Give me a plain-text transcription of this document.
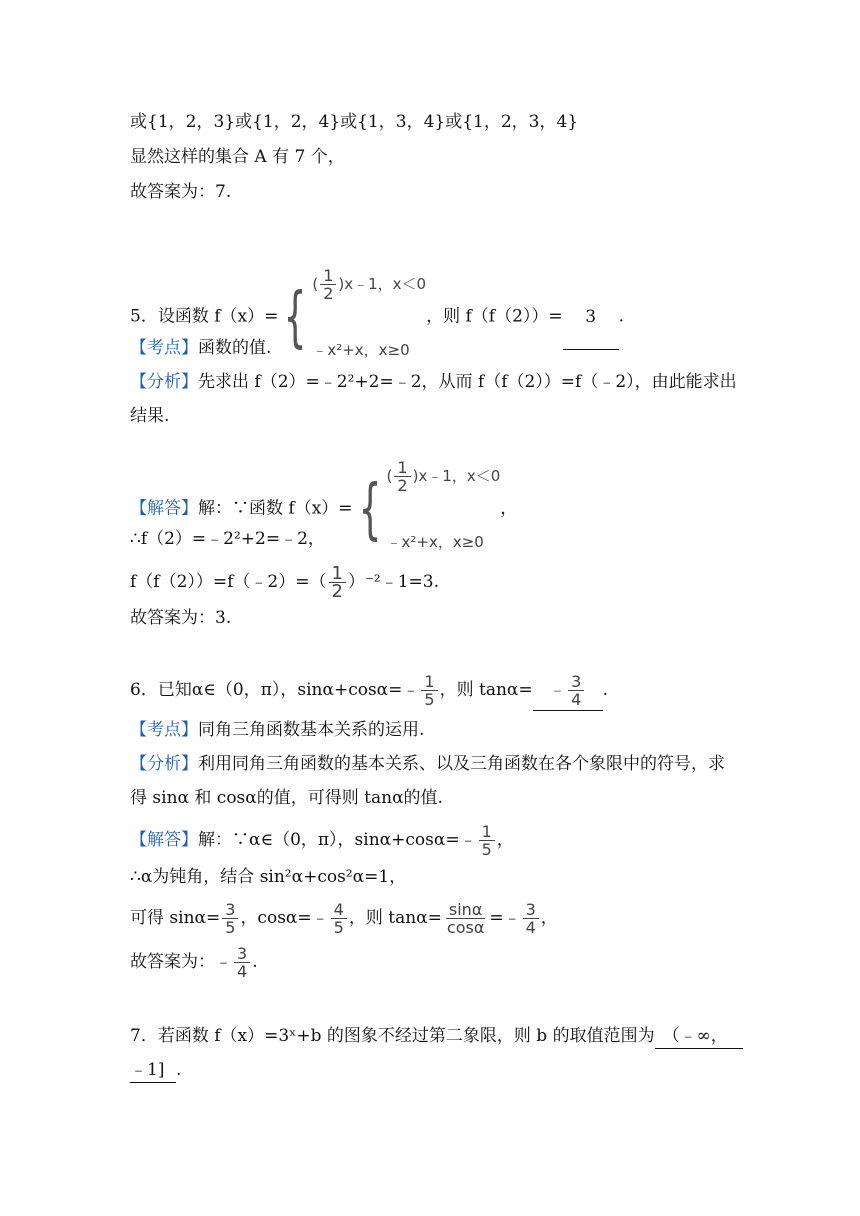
或{1，2，3}或{1，2，4}或{1，3，4}或{1，2，3，4}
显然这样的集合 A 有 7 个，
故答案为：7.
5．设函数 f（x）= { ( $\frac{1}{2}$ ) x﹣1，x＜0
﹣x²+x，x≥0
，则 f（f（2））= 3 .
【考点】函数的值.
【分析】先求出 f（2）=﹣2²+2=﹣2，从而 f（f（2））=f（﹣2），由此能求出
结果.
【解答】解：∵函数 f（x）= { ( $\frac{1}{2}$ ) x﹣1，x＜0
﹣x²+x，x≥0
，
∴f（2）=﹣2²+2=﹣2，
f（f（2））=f（﹣2）=（ $\frac{1}{2}$ ）⁻²﹣1=3.
故答案为：3.
6．已知α∈（0，π），sinα+cosα=﹣ $\frac{1}{5}$ ，则 tanα= ﹣ $\frac{3}{4}$ .
【考点】同角三角函数基本关系的运用.
【分析】利用同角三角函数的基本关系、以及三角函数在各个象限中的符号，求
得 sinα 和 cosα的值，可得则 tanα的值.
【解答】解：∵α∈（0，π），sinα+cosα=﹣ $\frac{1}{5}$ ，
∴α为钝角，结合 sin²α+cos²α=1，
可得 $\sin\alpha= \frac{3}{5}$ ，cosα=﹣ $\frac{4}{5}$ ，则 $\tan\alpha= \frac{\sin\alpha}{\cos\alpha}$ =﹣ $\frac{3}{4}$ ，
故答案为：﹣ $\frac{3}{4}$ .
7．若函数 f（x）=3ˣ+b 的图象不经过第二象限，则 b 的取值范围为 （﹣∞，
﹣1] .
